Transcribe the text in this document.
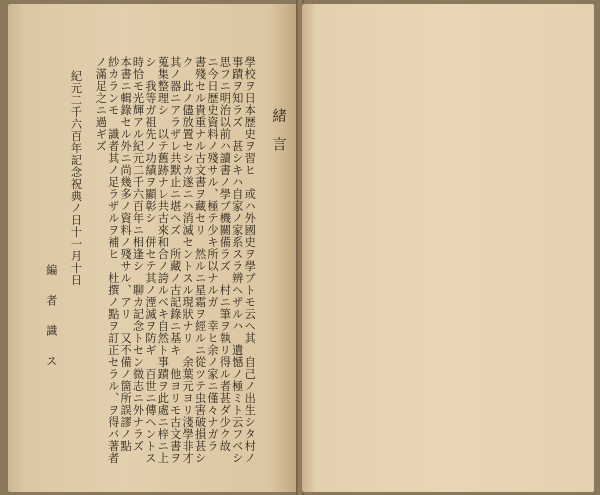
緒言

學校ヲ日本歴史ヲ習ヒ　或ハ外國史ヲ學ブトモ云ヘ其　自己ノ出生シタ村ノ
事蹟ヲ知ラズ　甚シキハ自家ノ家系スラ辨ヘザルハ　遺憾ノ極ミト云フベシ
思フニ明治以前ハ讀書ノ學ブ機關備ラズ　村ニ筆ヲ執リ得ル者甚ダ少ク故
ニ今日歴史資料ノ殘サル、極テ少キ所以ナルガ　幸ヒ余ノ家ニ僅々ナガラ
書殘セル貴重ナル古文書ヲ藏セリ　然ルニ星霜ヲ經ルニ從ツテ虫害破損甚シ
ク　此ノ儘放置セシカ遂ニハ消滅セントスル現狀ナリ　余葉元ヨリ淺學非才
其ノ器ニアラザレ共默止ニ堪ヘズ　所藏ノ古記錄ニ基キ　他ヨリモ古文書ヲ
蒐集整理シ　以テ舊跡ナレ共古來和合ノ誇ルベキ自然ト事蹟ヲ此處ニ梓ニ上
シ　我等ガ祖先ノ功績ヲ顯彰シ　併セテ其ノ湮滅ヲ防ギ　百世ニ傳ヘントス
時恰モ光輝アル紀元二千六百年ニ相逢シ　聊カ記念トセン微志ニ外ナラズ
本書ニ輯錄セル外ニ尚幾多ノ資料ノ殘サル、アリ　又不備ノ箇所誤謬ノ點
紗カランモ　識者其ノ足ラザルヲ補ヒ　杜撰ノ點ヲ訂正セラル、ヲ得バ著者
ノ滿足之ニ過ギズ

紀元二千六百年記念祝典ノ日十一月十日

編　者　識　ス
